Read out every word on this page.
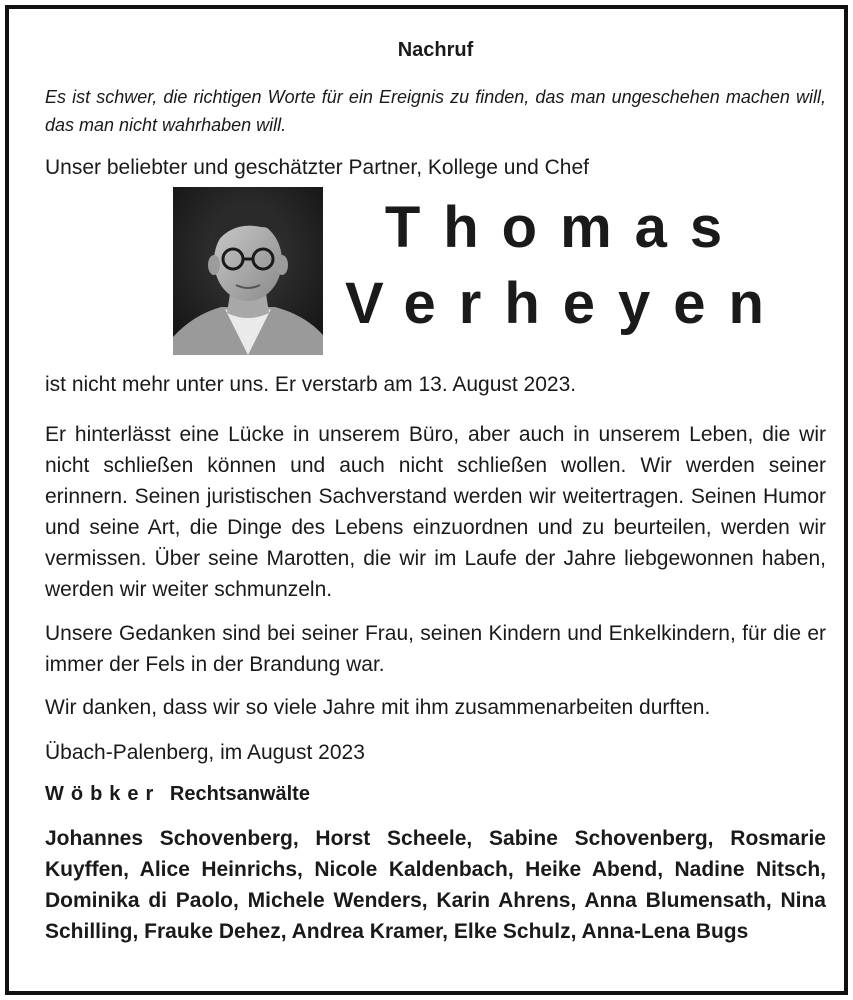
Nachruf
Es ist schwer, die richtigen Worte für ein Ereignis zu finden, das man ungeschehen machen will, das man nicht wahrhaben will.
Unser beliebter und geschätzter Partner, Kollege und Chef
Thomas
Verheyen
ist nicht mehr unter uns. Er verstarb am 13. August 2023.
Er hinterlässt eine Lücke in unserem Büro, aber auch in unserem Leben, die wir nicht schließen können und auch nicht schließen wollen. Wir werden seiner erinnern. Seinen juristischen Sachverstand werden wir weitertragen. Seinen Humor und seine Art, die Dinge des Lebens einzuordnen und zu beurteilen, werden wir vermissen. Über seine Marotten, die wir im Laufe der Jahre liebgewonnen haben, werden wir weiter schmunzeln.
Unsere Gedanken sind bei seiner Frau, seinen Kindern und Enkelkindern, für die er immer der Fels in der Brandung war.
Wir danken, dass wir so viele Jahre mit ihm zusammenarbeiten durften.
Übach-Palenberg, im August 2023
Wöbker Rechtsanwälte
Johannes Schovenberg, Horst Scheele, Sabine Schovenberg, Rosmarie Kuyffen, Alice Heinrichs, Nicole Kaldenbach, Heike Abend, Nadine Nitsch, Dominika di Paolo, Michele Wenders, Karin Ahrens, Anna Blumensath, Nina Schilling, Frauke Dehez, Andrea Kramer, Elke Schulz, Anna-Lena Bugs
